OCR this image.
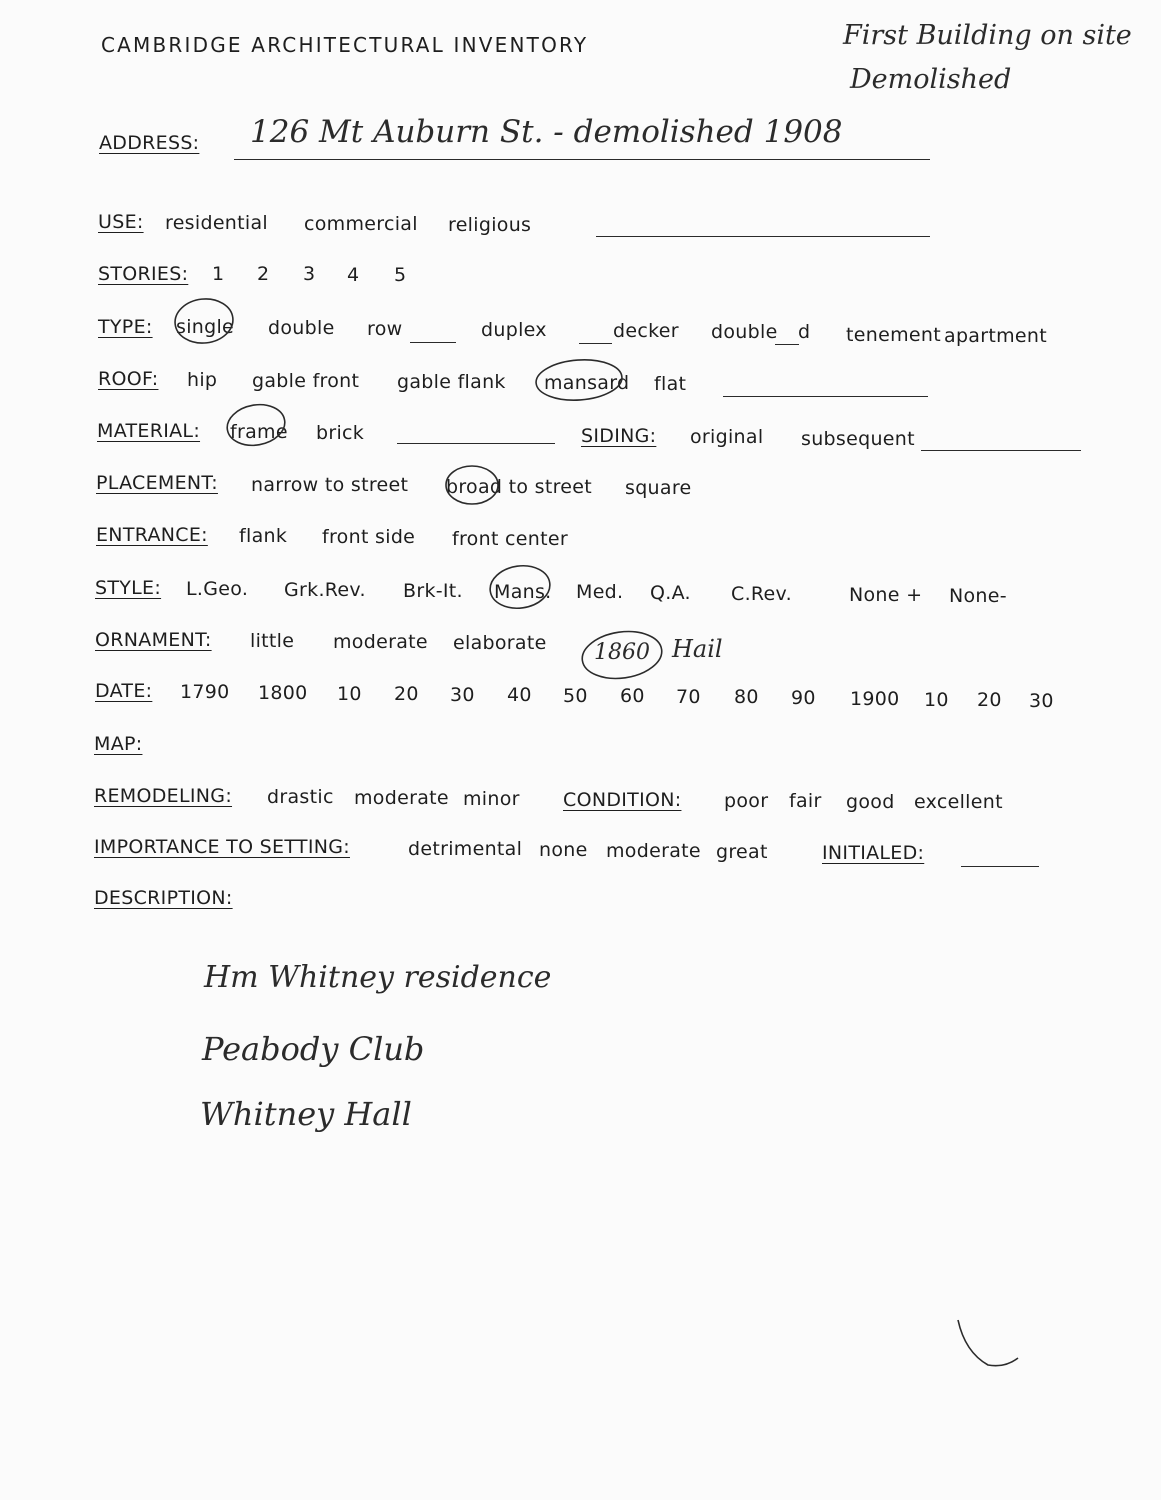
CAMBRIDGE ARCHITECTURAL INVENTORY	First Building on site
Demolished
ADDRESS: 126 Mt Auburn St. - demolished 1908
USE: residential commercial religious
STORIES: 1 2 3 4 5
TYPE: single double row	duplex	decker double d tenement apartment
ROOF: hip gable front gable flank mansard flat
MATERIAL: frame brick	SIDING: original subsequent
PLACEMENT: narrow to street broad to street square
ENTRANCE: flank front side front center
STYLE: L.Geo. Grk.Rev. Brk-It. Mans. Med. Q.A. C.Rev.	None + None-
ORNAMENT: little moderate elaborate 1860 Hail
DATE: 1790 1800 10 20 30 40 50 60 70 80 90 1900 10 20 30
MAP:
REMODELING: drastic moderate minor CONDITION: poor fair good excellent
IMPORTANCE TO SETTING:	detrimental none moderate great	INITIALED:
DESCRIPTION:
Hm Whitney residence
Peabody Club
Whitney Hall
